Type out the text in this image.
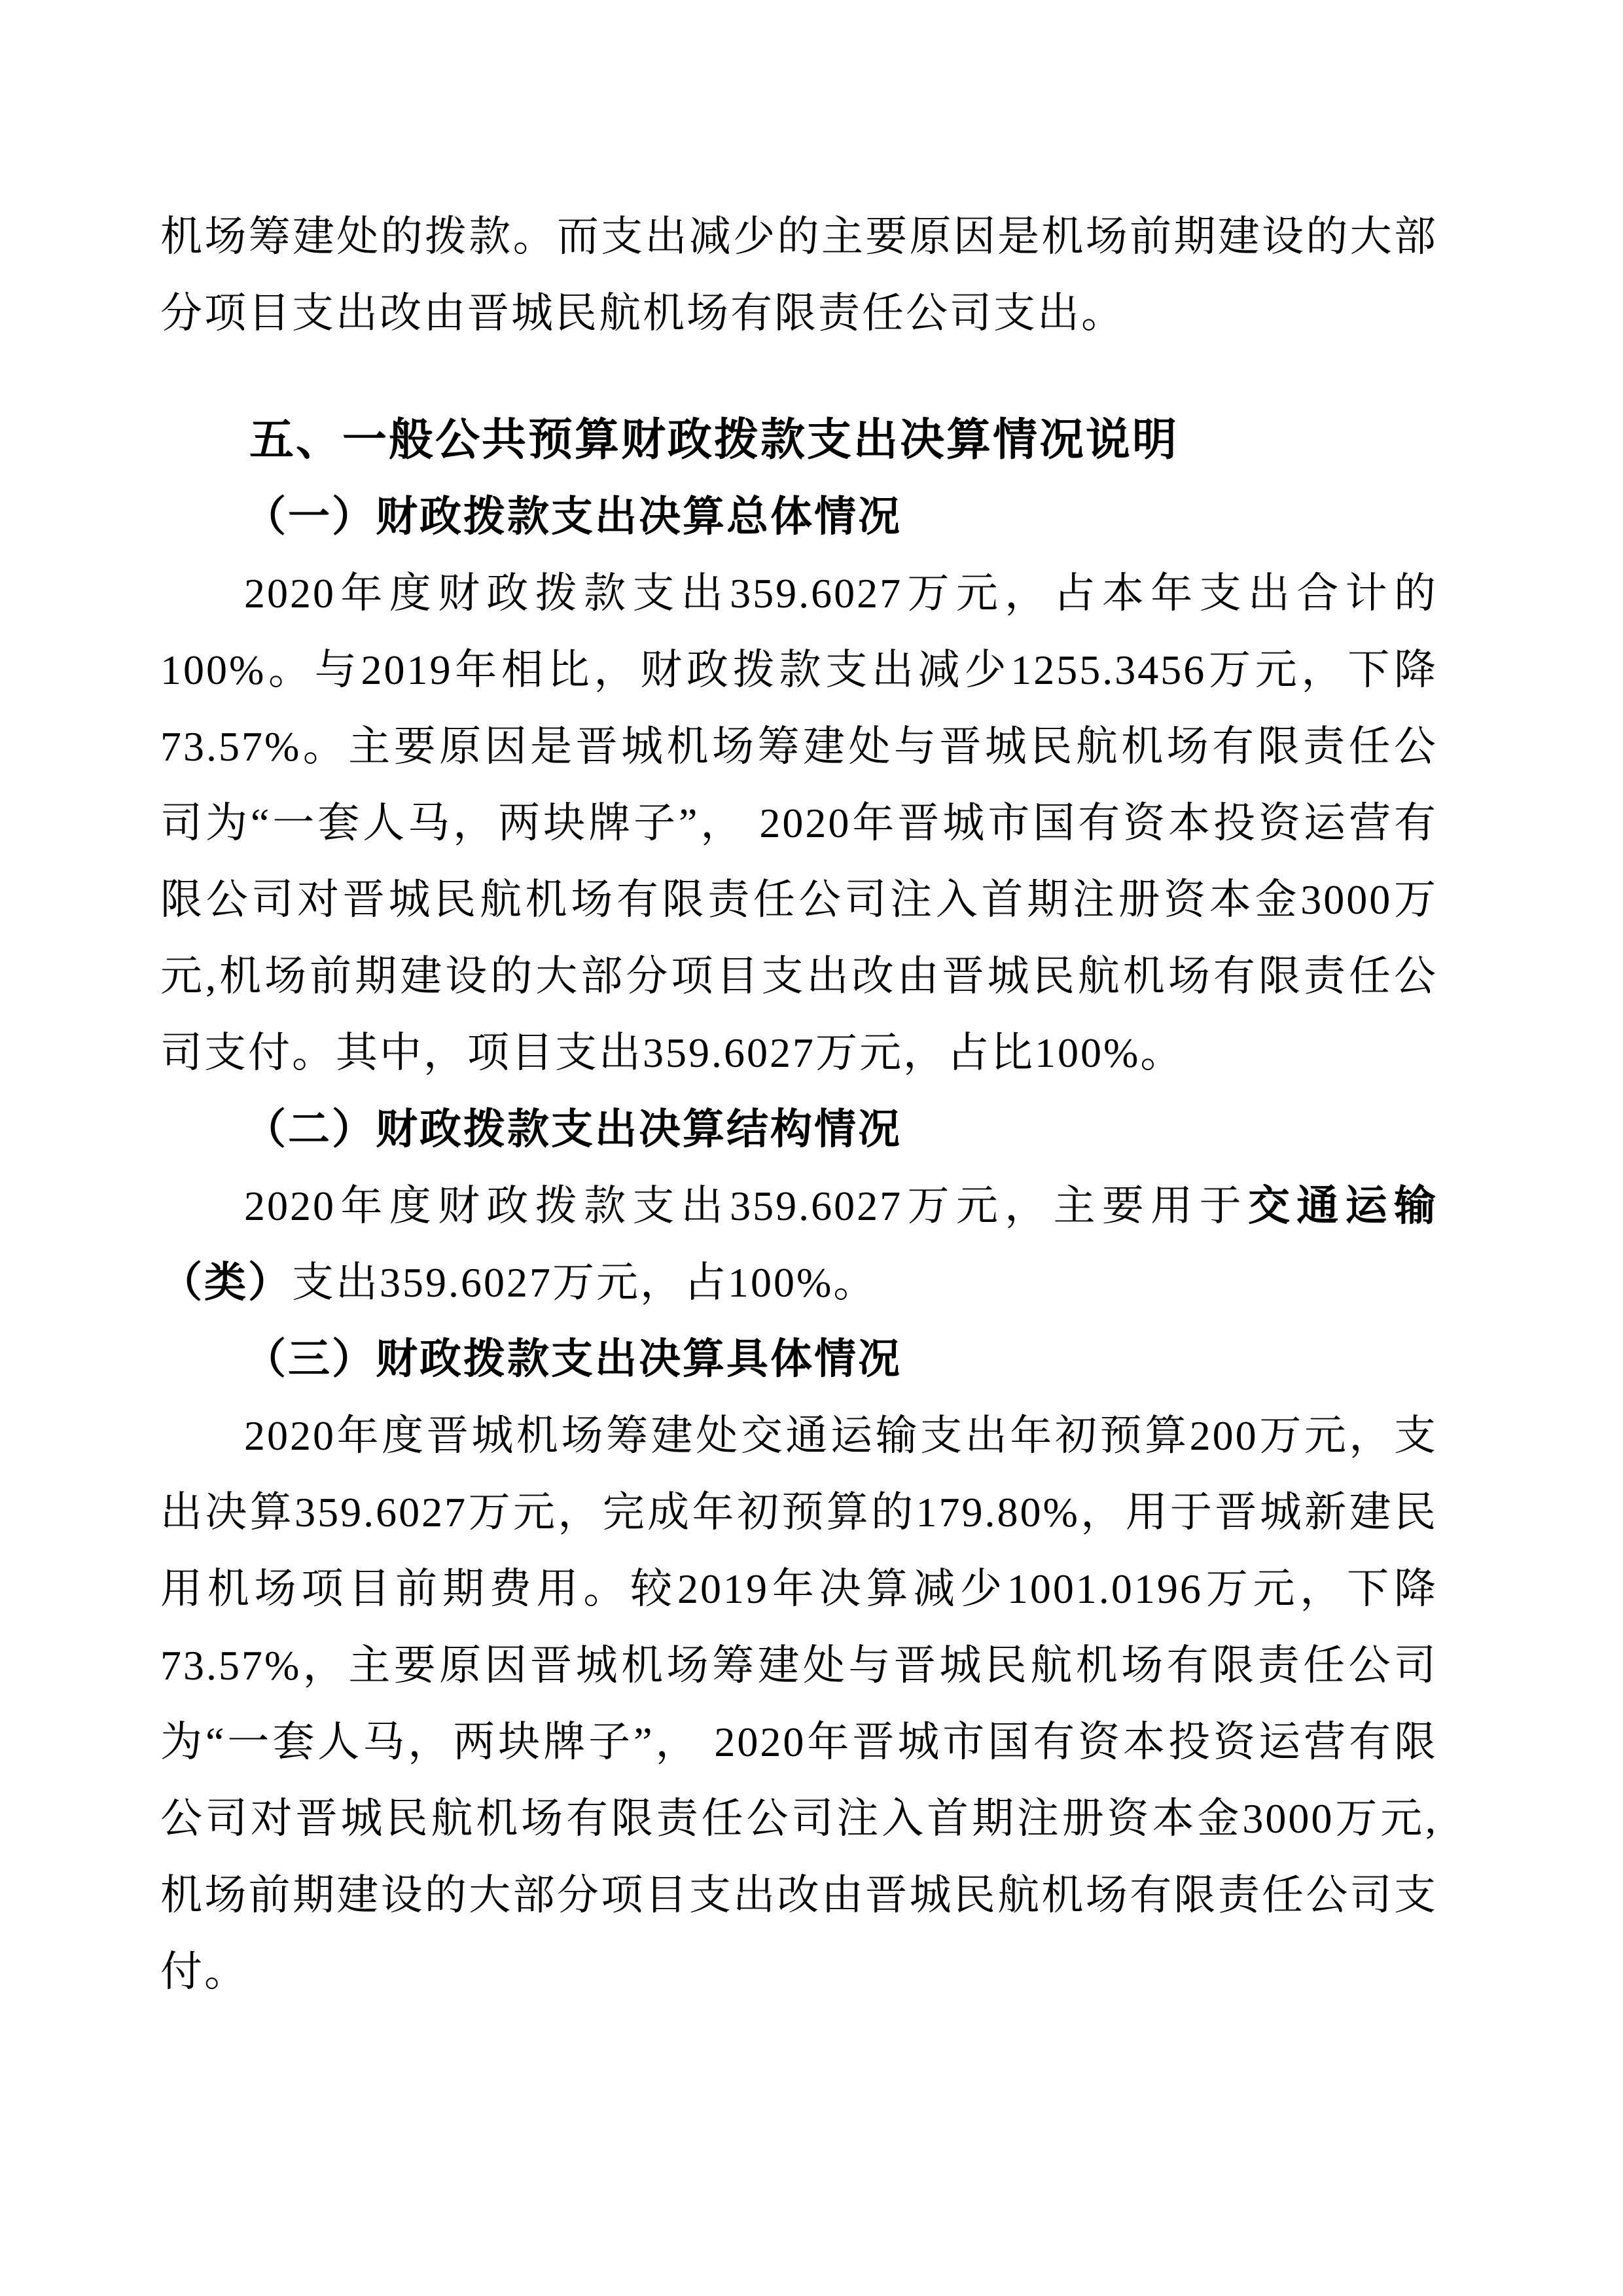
机场筹建处的拨款。而支出减少的主要原因是机场前期建设的大部分项目支出改由晋城民航机场有限责任公司支出。

五、一般公共预算财政拨款支出决算情况说明
（一）财政拨款支出决算总体情况

2020年度财政拨款支出359.6027万元，占本年支出合计的100%。与2019年相比，财政拨款支出减少1255.3456万元，下降73.57%。主要原因是晋城机场筹建处与晋城民航机场有限责任公司为“一套人马，两块牌子”， 2020年晋城市国有资本投资运营有限公司对晋城民航机场有限责任公司注入首期注册资本金3000万元,机场前期建设的大部分项目支出改由晋城民航机场有限责任公司支付。其中，项目支出359.6027万元，占比100%。

（二）财政拨款支出决算结构情况

2020年度财政拨款支出359.6027万元，主要用于交通运输（类）支出359.6027万元，占100%。

（三）财政拨款支出决算具体情况

2020年度晋城机场筹建处交通运输支出年初预算200万元，支出决算359.6027万元，完成年初预算的179.80%，用于晋城新建民用机场项目前期费用。较2019年决算减少1001.0196万元，下降73.57%，主要原因晋城机场筹建处与晋城民航机场有限责任公司为“一套人马，两块牌子”， 2020年晋城市国有资本投资运营有限公司对晋城民航机场有限责任公司注入首期注册资本金3000万元,机场前期建设的大部分项目支出改由晋城民航机场有限责任公司支付。
